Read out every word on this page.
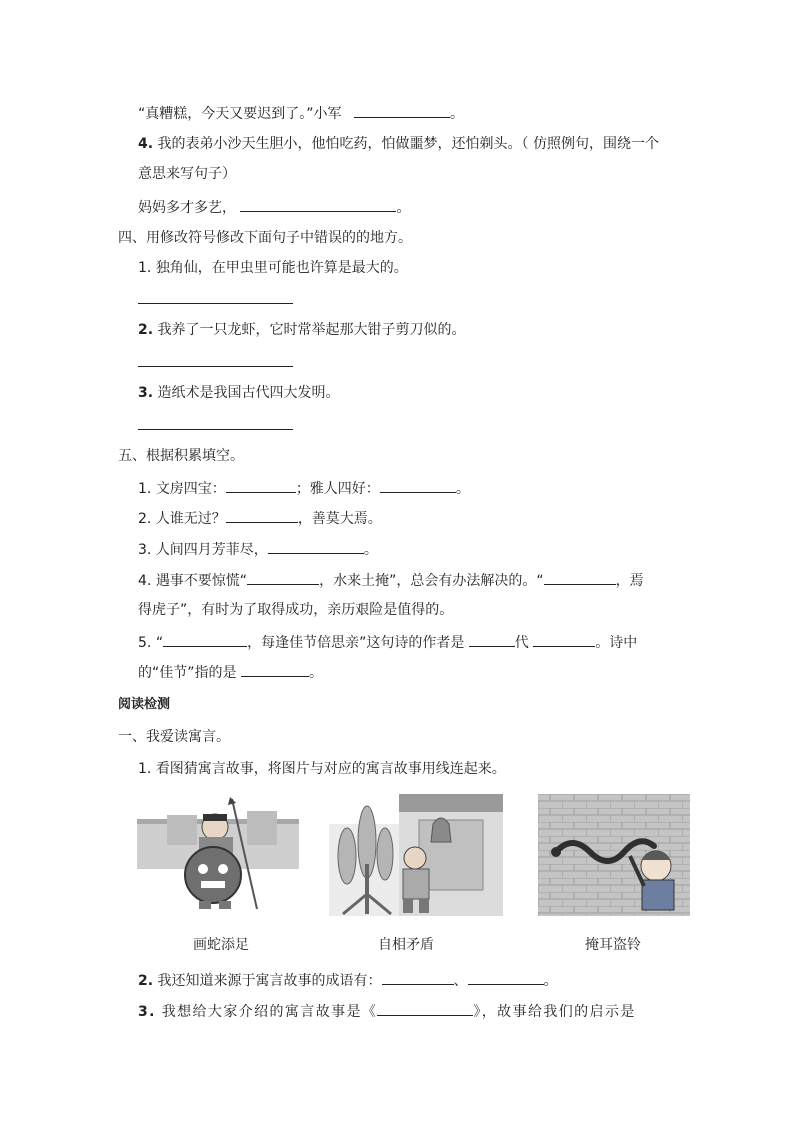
“真糟糕，今天又要迟到了。”小军	。
4. 我的表弟小沙天生胆小，他怕吃药，怕做噩梦，还怕剃头。（ 仿照例句，围绕一个
意思来写句子）
妈妈多才多艺，	。
四、用修改符号修改下面句子中错误的的地方。
1. 独角仙，在甲虫里可能也许算是最大的。
2. 我养了一只龙虾，它时常举起那大钳子剪刀似的。
3. 造纸术是我国古代四大发明。
五、根据积累填空。
1. 文房四宝：	；雅人四好：	。
2. 人谁无过？	，善莫大焉。
3. 人间四月芳菲尽，	。
4. 遇事不要惊慌“	，水来土掩”，总会有办法解决的。“	，焉
得虎子”，有时为了取得成功，亲历艰险是值得的。
5. “	，每逢佳节倍思亲”这句诗的作者是	代	。诗中
的“佳节”指的是	。
阅读检测
一、我爱读寓言。
1. 看图猜寓言故事，将图片与对应的寓言故事用线连起来。
画蛇添足	自相矛盾	掩耳盗铃
2. 我还知道来源于寓言故事的成语有：	、	。
3. 我想给大家介绍的寓言故事是《	》，故事给我们的启示是
